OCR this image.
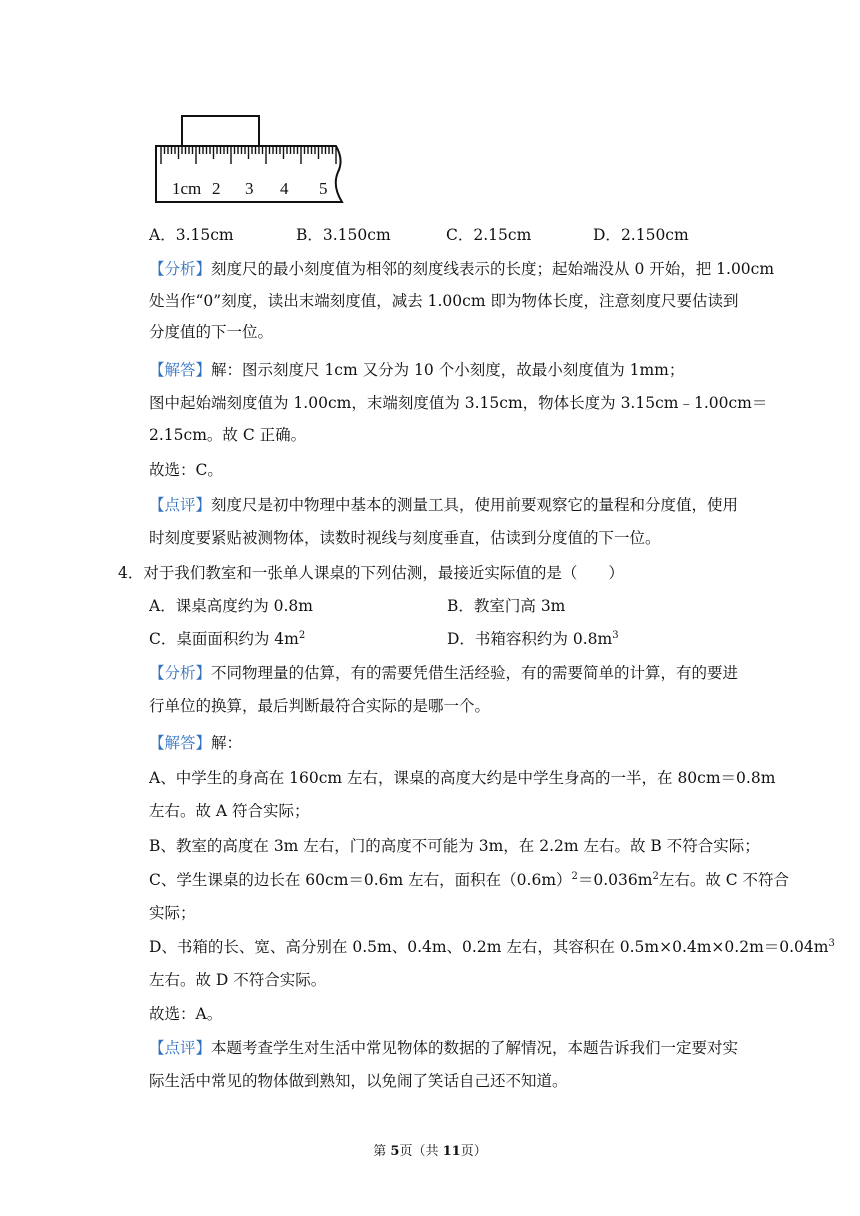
1cm 2 3 4 5
A．3.15cm	B．3.150cm	C．2.15cm	D．2.150cm
【分析】刻度尺的最小刻度值为相邻的刻度线表示的长度；起始端没从 0 开始，把 1.00cm
处当作“0”刻度，读出末端刻度值，减去 1.00cm 即为物体长度，注意刻度尺要估读到
分度值的下一位。
【解答】解：图示刻度尺 1cm 又分为 10 个小刻度，故最小刻度值为 1mm；
图中起始端刻度值为 1.00cm，末端刻度值为 3.15cm，物体长度为 3.15cm﹣1.00cm＝
2.15cm。故 C 正确。
故选：C。
【点评】刻度尺是初中物理中基本的测量工具，使用前要观察它的量程和分度值，使用
时刻度要紧贴被测物体，读数时视线与刻度垂直，估读到分度值的下一位。
4．对于我们教室和一张单人课桌的下列估测，最接近实际值的是（　　）
A．课桌高度约为 0.8m	B．教室门高 3m
C．桌面面积约为 $4m^2$	D．书箱容积约为 $0.8m^3$
【分析】不同物理量的估算，有的需要凭借生活经验，有的需要简单的计算，有的要进
行单位的换算，最后判断最符合实际的是哪一个。
【解答】解：
A、中学生的身高在 160cm 左右，课桌的高度大约是中学生身高的一半，在 80cm＝0.8m
左右。故 A 符合实际；
B、教室的高度在 3m 左右，门的高度不可能为 3m，在 2.2m 左右。故 B 不符合实际；
C、学生课桌的边长在 60cm＝0.6m 左右，面积在$(0.6m)^2=0.036m^2$左右。故 C 不符合
实际；
D、书箱的长、宽、高分别在 0.5m、0.4m、0.2m 左右，其容积在 $0.5m\times 0.4m\times 0.2m=0.04m^3$
左右。故 D 不符合实际。
故选：A。
【点评】本题考查学生对生活中常见物体的数据的了解情况，本题告诉我们一定要对实
际生活中常见的物体做到熟知，以免闹了笑话自己还不知道。
第 5页（共 11页）
